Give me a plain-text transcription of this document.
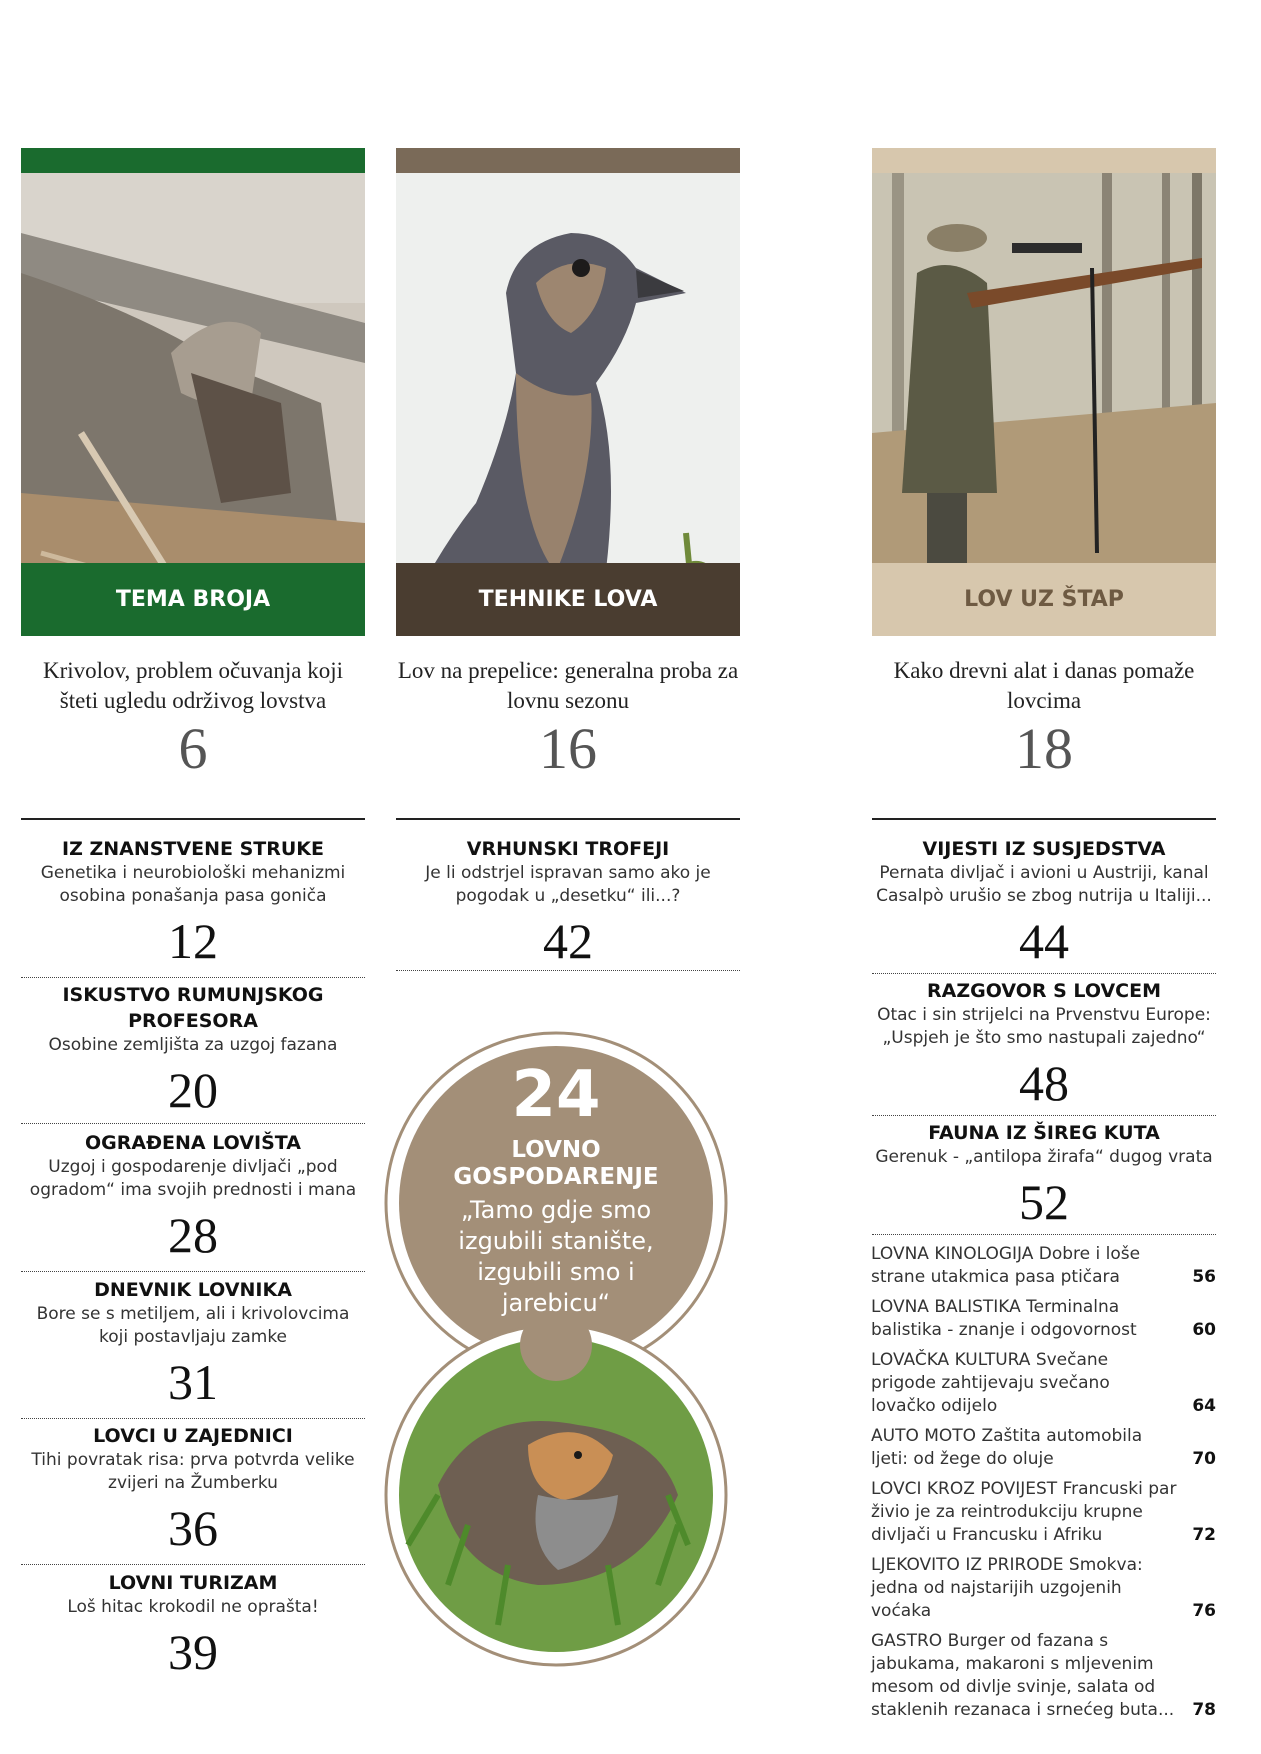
TEMA BROJA
Krivolov, problem očuvanja koji šteti ugledu održivog lovstva
6
TEHNIKE LOVA
Lov na prepelice: generalna proba za lovnu sezonu
16
LOV UZ ŠTAP
Kako drevni alat i danas pomaže lovcima
18
IZ ZNANSTVENE STRUKE
Genetika i neurobiološki mehanizmi osobina ponašanja pasa goniča
12
ISKUSTVO RUMUNJSKOG PROFESORA
Osobine zemljišta za uzgoj fazana
20
OGRAĐENA LOVIŠTA
Uzgoj i gospodarenje divljači „pod ogradom“ ima svojih prednosti i mana
28
DNEVNIK LOVNIKA
Bore se s metiljem, ali i krivolovcima koji postavljaju zamke
31
LOVCI U ZAJEDNICI
Tihi povratak risa: prva potvrda velike zvijeri na Žumberku
36
LOVNI TURIZAM
Loš hitac krokodil ne oprašta!
39
VRHUNSKI TROFEJI
Je li odstrjel ispravan samo ako je pogodak u „desetku“ ili...?
42
VIJESTI IZ SUSJEDSTVA
Pernata divljač i avioni u Austriji, kanal Casalpò urušio se zbog nutrija u Italiji...
44
RAZGOVOR S LOVCEM
Otac i sin strijelci na Prvenstvu Europe: „Uspjeh je što smo nastupali zajedno“
48
FAUNA IZ ŠIREG KUTA
Gerenuk - „antilopa žirafa“ dugog vrata
52
LOVNA KINOLOGIJA Dobre i loše strane utakmica pasa ptičara	56
LOVNA BALISTIKA Terminalna balistika - znanje i odgovornost	60
LOVAČKA KULTURA Svečane prigode zahtijevaju svečano lovačko odijelo	64
AUTO MOTO Zaštita automobila ljeti: od žege do oluje	70
LOVCI KROZ POVIJEST Francuski par živio je za reintrodukciju krupne divljači u Francusku i Afriku	72
LJEKOVITO IZ PRIRODE Smokva: jedna od najstarijih uzgojenih voćaka	76
GASTRO Burger od fazana s jabukama, makaroni s mljevenim mesom od divlje svinje, salata od staklenih rezanaca i srnećeg buta... 78
24
LOVNO
GOSPODARENJE
„Tamo gdje smo izgubili stanište, izgubili smo i jarebicu“
